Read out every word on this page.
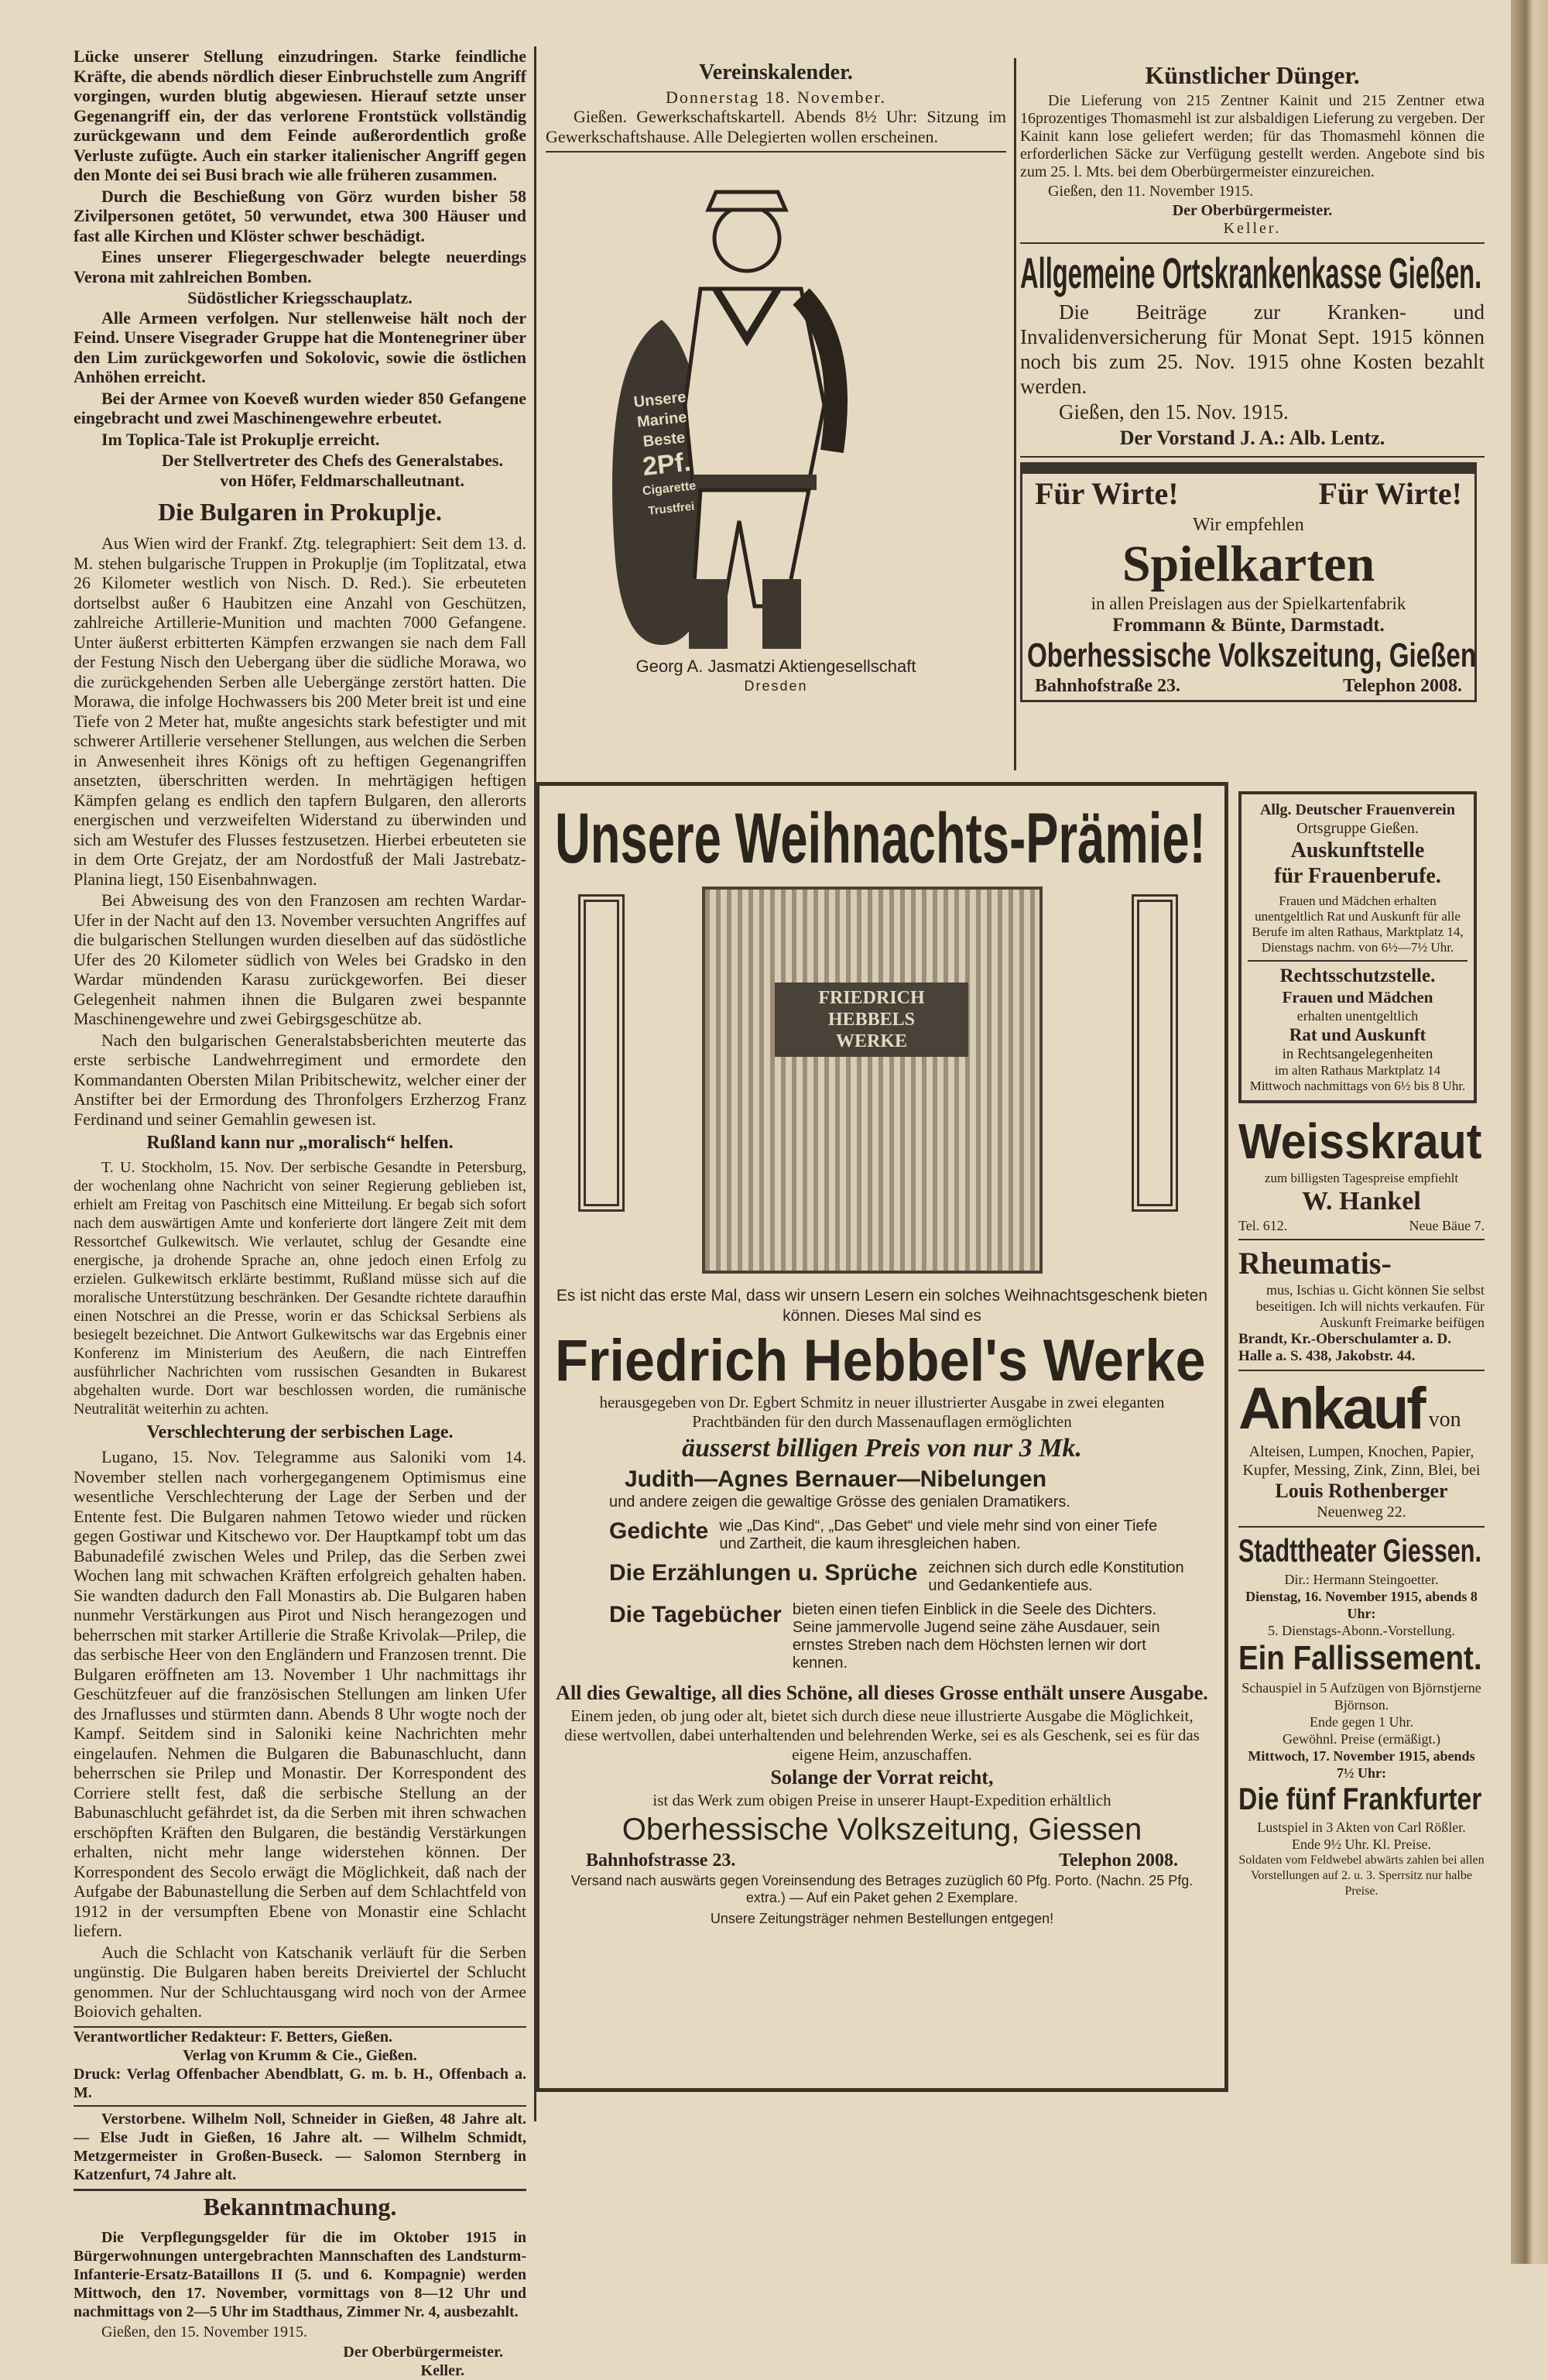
Lücke unserer Stellung einzudringen. Starke feindliche Kräfte, die abends nördlich dieser Einbruchstelle zum Angriff vorgingen, wurden blutig abgewiesen. Hierauf setzte unser Gegenangriff ein, der das verlorene Frontstück vollständig zurückgewann und dem Feinde außerordentlich große Verluste zufügte. Auch ein starker italienischer Angriff gegen den Monte dei sei Busi brach wie alle früheren zusammen.

Durch die Beschießung von Görz wurden bisher 58 Zivilpersonen getötet, 50 verwundet, etwa 300 Häuser und fast alle Kirchen und Klöster schwer beschädigt.

Eines unserer Fliegergeschwader belegte neuerdings Verona mit zahlreichen Bomben.

Südöstlicher Kriegsschauplatz.

Alle Armeen verfolgen. Nur stellenweise hält noch der Feind. Unsere Visegrader Gruppe hat die Montenegriner über den Lim zurückgeworfen und Sokolovic, sowie die östlichen Anhöhen erreicht.

Bei der Armee von Koeveß wurden wieder 850 Gefangene eingebracht und zwei Maschinengewehre erbeutet.

Im Toplica-Tale ist Prokuplje erreicht.

Der Stellvertreter des Chefs des Generalstabes.
von Höfer, Feldmarschalleutnant.
Die Bulgaren in Prokuplje.

Aus Wien wird der Frankf. Ztg. telegraphiert: Seit dem 13. d. M. stehen bulgarische Truppen in Prokuplje (im Toplitzatal, etwa 26 Kilometer westlich von Nisch. D. Red.). Sie erbeuteten dortselbst außer 6 Haubitzen eine Anzahl von Geschützen, zahlreiche Artillerie-Munition und machten 7000 Gefangene. Unter äußerst erbitterten Kämpfen erzwangen sie nach dem Fall der Festung Nisch den Uebergang über die südliche Morawa, wo die zurückgehenden Serben alle Uebergänge zerstört hatten. Die Morawa, die infolge Hochwassers bis 200 Meter breit ist und eine Tiefe von 2 Meter hat, mußte angesichts stark befestigter und mit schwerer Artillerie versehener Stellungen, aus welchen die Serben in Anwesenheit ihres Königs oft zu heftigen Gegenangriffen ansetzten, überschritten werden. In mehrtägigen heftigen Kämpfen gelang es endlich den tapfern Bulgaren, den allerorts energischen und verzweifelten Widerstand zu überwinden und sich am Westufer des Flusses festzusetzen. Hierbei erbeuteten sie in dem Orte Grejatz, der am Nordostfuß der Mali Jastrebatz-Planina liegt, 150 Eisenbahnwagen.

Bei Abweisung des von den Franzosen am rechten Wardar-Ufer in der Nacht auf den 13. November versuchten Angriffes auf die bulgarischen Stellungen wurden dieselben auf das südöstliche Ufer des 20 Kilometer südlich von Weles bei Gradsko in den Wardar mündenden Karasu zurückgeworfen. Bei dieser Gelegenheit nahmen ihnen die Bulgaren zwei bespannte Maschinengewehre und zwei Gebirgsgeschütze ab.

Nach den bulgarischen Generalstabsberichten meuterte das erste serbische Landwehrregiment und ermordete den Kommandanten Obersten Milan Pribitschewitz, welcher einer der Anstifter bei der Ermordung des Thronfolgers Erzherzog Franz Ferdinand und seiner Gemahlin gewesen ist.

Rußland kann nur „moralisch“ helfen.

T. U. Stockholm, 15. Nov. Der serbische Gesandte in Petersburg, der wochenlang ohne Nachricht von seiner Regierung geblieben ist, erhielt am Freitag von Paschitsch eine Mitteilung. Er begab sich sofort nach dem auswärtigen Amte und konferierte dort längere Zeit mit dem Ressortchef Gulkewitsch. Wie verlautet, schlug der Gesandte eine energische, ja drohende Sprache an, ohne jedoch einen Erfolg zu erzielen. Gulkewitsch erklärte bestimmt, Rußland müsse sich auf die moralische Unterstützung beschränken. Der Gesandte richtete daraufhin einen Notschrei an die Presse, worin er das Schicksal Serbiens als besiegelt bezeichnet. Die Antwort Gulkewitschs war das Ergebnis einer Konferenz im Ministerium des Aeußern, die nach Eintreffen ausführlicher Nachrichten vom russischen Gesandten in Bukarest abgehalten wurde. Dort war beschlossen worden, die rumänische Neutralität weiterhin zu achten.

Verschlechterung der serbischen Lage.

Lugano, 15. Nov. Telegramme aus Saloniki vom 14. November stellen nach vorhergegangenem Optimismus eine wesentliche Verschlechterung der Lage der Serben und der Entente fest. Die Bulgaren nahmen Tetowo wieder und rücken gegen Gostiwar und Kitschewo vor. Der Hauptkampf tobt um das Babunadefilé zwischen Weles und Prilep, das die Serben zwei Wochen lang mit schwachen Kräften erfolgreich gehalten haben. Sie wandten dadurch den Fall Monastirs ab. Die Bulgaren haben nunmehr Verstärkungen aus Pirot und Nisch herangezogen und beherrschen mit starker Artillerie die Straße Krivolak—Prilep, die das serbische Heer von den Engländern und Franzosen trennt. Die Bulgaren eröffneten am 13. November 1 Uhr nachmittags ihr Geschützfeuer auf die französischen Stellungen am linken Ufer des Jrnaflusses und stürmten dann. Abends 8 Uhr wogte noch der Kampf. Seitdem sind in Saloniki keine Nachrichten mehr eingelaufen. Nehmen die Bulgaren die Babunaschlucht, dann beherrschen sie Prilep und Monastir. Der Korrespondent des Corriere stellt fest, daß die serbische Stellung an der Babunaschlucht gefährdet ist, da die Serben mit ihren schwachen erschöpften Kräften den Bulgaren, die beständig Verstärkungen erhalten, nicht mehr lange widerstehen können. Der Korrespondent des Secolo erwägt die Möglichkeit, daß nach der Aufgabe der Babunastellung die Serben auf dem Schlachtfeld von 1912 in der versumpften Ebene von Monastir eine Schlacht liefern.

Auch die Schlacht von Katschanik verläuft für die Serben ungünstig. Die Bulgaren haben bereits Dreiviertel der Schlucht genommen. Nur der Schluchtausgang wird noch von der Armee Boiovich gehalten.

Verantwortlicher Redakteur: F. Betters, Gießen.
Verlag von Krumm & Cie., Gießen.
Druck: Verlag Offenbacher Abendblatt, G. m. b. H., Offenbach a. M.

Verstorbene. Wilhelm Noll, Schneider in Gießen, 48 Jahre alt. — Else Judt in Gießen, 16 Jahre alt. — Wilhelm Schmidt, Metzgermeister in Großen-Buseck. — Salomon Sternberg in Katzenfurt, 74 Jahre alt.

Bekanntmachung.

Die Verpflegungsgelder für die im Oktober 1915 in Bürgerwohnungen untergebrachten Mannschaften des Landsturm-Infanterie-Ersatz-Bataillons II (5. und 6. Kompagnie) werden Mittwoch, den 17. November, vormittags von 8—12 Uhr und nachmittags von 2—5 Uhr im Stadthaus, Zimmer Nr. 4, ausbezahlt.

Gießen, den 15. November 1915.

Der Oberbürgermeister.
Keller.
Vereinskalender.
Donnerstag 18. November.

Gießen. Gewerkschaftskartell. Abends 8½ Uhr: Sitzung im Gewerkschaftshause. Alle Delegierten wollen erscheinen.

Unsere
Marine
Beste
2Pf.
Cigarette
Trustfrei
Georg A. Jasmatzi Aktiengesellschaft
Dresden
Künstlicher Dünger.

Die Lieferung von 215 Zentner Kainit und 215 Zentner etwa 16prozentiges Thomasmehl ist zur alsbaldigen Lieferung zu vergeben. Der Kainit kann lose geliefert werden; für das Thomasmehl können die erforderlichen Säcke zur Verfügung gestellt werden. Angebote sind bis zum 25. l. Mts. bei dem Oberbürgermeister einzureichen.

Gießen, den 11. November 1915.

Der Oberbürgermeister.
Keller.
Allgemeine Ortskrankenkasse Gießen.

Die Beiträge zur Kranken- und Invalidenversicherung für Monat Sept. 1915 können noch bis zum 25. Nov. 1915 ohne Kosten bezahlt werden.

Gießen, den 15. Nov. 1915.

Der Vorstand J. A.: Alb. Lentz.

Für Wirte!	Für Wirte!
Wir empfehlen
Spielkarten
in allen Preislagen aus der Spielkartenfabrik
Frommann & Bünte, Darmstadt.
Oberhessische Volkszeitung, Gießen
Bahnhofstraße 23.	Telephon 2008.
Unsere Weihnachts-Prämie!
FRIEDRICH HEBBELS
WERKE
Es ist nicht das erste Mal, dass wir unsern Lesern ein solches Weihnachtsgeschenk bieten können. Dieses Mal sind es
Friedrich Hebbel's Werke
herausgegeben von Dr. Egbert Schmitz in neuer illustrierter Ausgabe in zwei eleganten Prachtbänden für den durch Massenauflagen ermöglichten
äusserst billigen Preis von nur 3 Mk.
Judith—Agnes Bernauer—Nibelungen
und andere zeigen die gewaltige Grösse des genialen Dramatikers.
Gedichte wie „Das Kind“, „Das Gebet“ und viele mehr sind von einer Tiefe und Zartheit, die kaum ihresgleichen haben.
Die Erzählungen u. Sprüche zeichnen sich durch edle Konstitution und Gedankentiefe aus.
Die Tagebücher bieten einen tiefen Einblick in die Seele des Dichters. Seine jammervolle Jugend seine zähe Ausdauer, sein ernstes Streben nach dem Höchsten lernen wir dort kennen.
All dies Gewaltige, all dies Schöne, all dieses Grosse enthält unsere Ausgabe.
Einem jeden, ob jung oder alt, bietet sich durch diese neue illustrierte Ausgabe die Möglichkeit, diese wertvollen, dabei unterhaltenden und belehrenden Werke, sei es als Geschenk, sei es für das eigene Heim, anzuschaffen.
Solange der Vorrat reicht,
ist das Werk zum obigen Preise in unserer Haupt-Expedition erhältlich
Oberhessische Volkszeitung, Giessen
Bahnhofstrasse 23.	Telephon 2008.
Versand nach auswärts gegen Voreinsendung des Betrages zuzüglich 60 Pfg. Porto. (Nachn. 25 Pfg. extra.) — Auf ein Paket gehen 2 Exemplare.
Unsere Zeitungsträger nehmen Bestellungen entgegen!
Allg. Deutscher Frauenverein
Ortsgruppe Gießen.
Auskunftstelle
für Frauenberufe.
Frauen und Mädchen erhalten unentgeltlich Rat und Auskunft für alle Berufe im alten Rathaus, Marktplatz 14, Dienstags nachm. von 6½—7½ Uhr.
Rechtsschutzstelle.
Frauen und Mädchen
erhalten unentgeltlich
Rat und Auskunft
in Rechtsangelegenheiten
im alten Rathaus Marktplatz 14 Mittwoch nachmittags von 6½ bis 8 Uhr.
Weisskraut
zum billigsten Tagespreise empfiehlt
W. Hankel
Tel. 612.	Neue Bäue 7.
Rheumatis-
mus, Ischias u. Gicht können Sie selbst beseitigen. Ich will nichts verkaufen. Für Auskunft Freimarke beifügen
Brandt, Kr.-Oberschulamter a. D. Halle a. S. 438, Jakobstr. 44.
Ankauf von
Alteisen, Lumpen, Knochen, Papier, Kupfer, Messing, Zink, Zinn, Blei, bei
Louis Rothenberger
Neuenweg 22.
Stadttheater Giessen.
Dir.: Hermann Steingoetter.
Dienstag, 16. November 1915, abends 8 Uhr:
5. Dienstags-Abonn.-Vorstellung.
Ein Fallissement.
Schauspiel in 5 Aufzügen von Björnstjerne Björnson.
Ende gegen 1 Uhr.
Gewöhnl. Preise (ermäßigt.)
Mittwoch, 17. November 1915, abends 7½ Uhr:
Die fünf Frankfurter
Lustspiel in 3 Akten von Carl Rößler.
Ende 9½ Uhr. Kl. Preise.
Soldaten vom Feldwebel abwärts zahlen bei allen Vorstellungen auf 2. u. 3. Sperrsitz nur halbe Preise.
